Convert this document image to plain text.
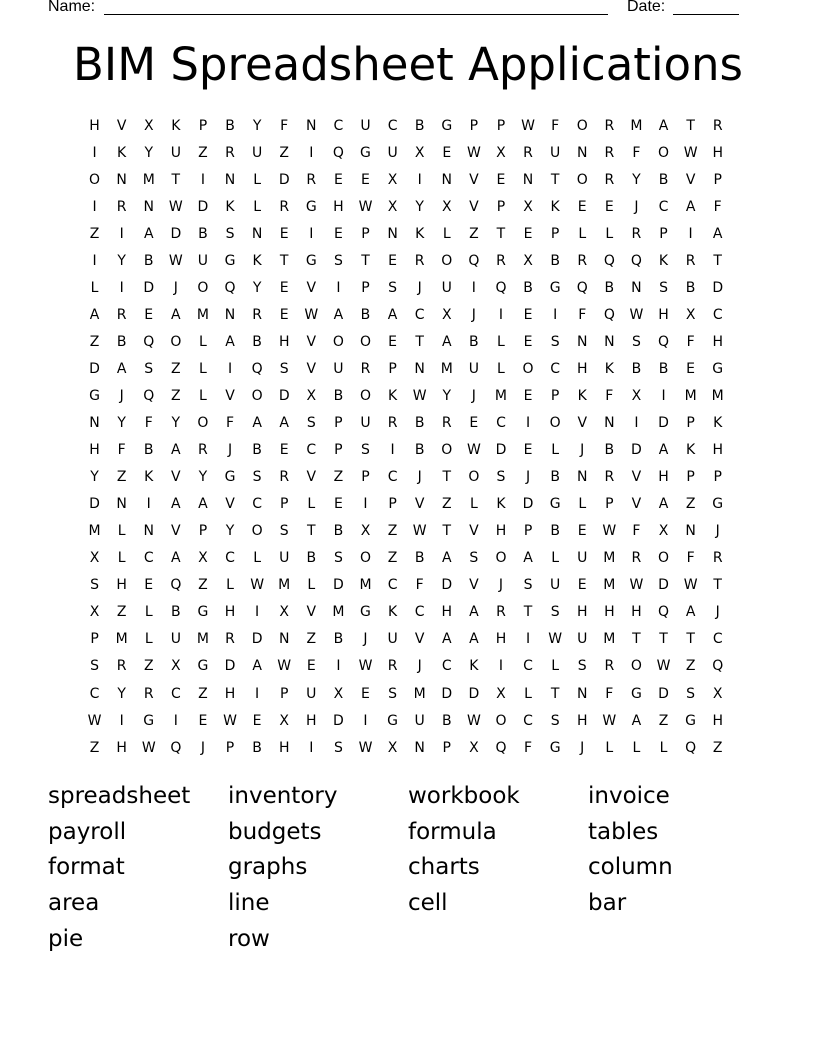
Name:	Date:
BIM Spreadsheet Applications
H	V	X	K	P	B	Y	F	N	C	U	C	B	G	P	P	W	F	O	R	M	A	T	R
I	K	Y	U	Z	R	U	Z	I	Q	G	U	X	E	W	X	R	U	N	R	F	O	W	H
O	N	M	T	I	N	L	D	R	E	E	X	I	N	V	E	N	T	O	R	Y	B	V	P
I	R	N	W	D	K	L	R	G	H	W	X	Y	X	V	P	X	K	E	E	J	C	A	F
Z	I	A	D	B	S	N	E	I	E	P	N	K	L	Z	T	E	P	L	L	R	P	I	A
I	Y	B	W	U	G	K	T	G	S	T	E	R	O	Q	R	X	B	R	Q	Q	K	R	T
L	I	D	J	O	Q	Y	E	V	I	P	S	J	U	I	Q	B	G	Q	B	N	S	B	D
A	R	E	A	M	N	R	E	W	A	B	A	C	X	J	I	E	I	F	Q	W	H	X	C
Z	B	Q	O	L	A	B	H	V	O	O	E	T	A	B	L	E	S	N	N	S	Q	F	H
D	A	S	Z	L	I	Q	S	V	U	R	P	N	M	U	L	O	C	H	K	B	B	E	G
G	J	Q	Z	L	V	O	D	X	B	O	K	W	Y	J	M	E	P	K	F	X	I	M	M
N	Y	F	Y	O	F	A	A	S	P	U	R	B	R	E	C	I	O	V	N	I	D	P	K
H	F	B	A	R	J	B	E	C	P	S	I	B	O	W	D	E	L	J	B	D	A	K	H
Y	Z	K	V	Y	G	S	R	V	Z	P	C	J	T	O	S	J	B	N	R	V	H	P	P
D	N	I	A	A	V	C	P	L	E	I	P	V	Z	L	K	D	G	L	P	V	A	Z	G
M	L	N	V	P	Y	O	S	T	B	X	Z	W	T	V	H	P	B	E	W	F	X	N	J
X	L	C	A	X	C	L	U	B	S	O	Z	B	A	S	O	A	L	U	M	R	O	F	R
S	H	E	Q	Z	L	W	M	L	D	M	C	F	D	V	J	S	U	E	M	W	D	W	T
X	Z	L	B	G	H	I	X	V	M	G	K	C	H	A	R	T	S	H	H	H	Q	A	J
P	M	L	U	M	R	D	N	Z	B	J	U	V	A	A	H	I	W	U	M	T	T	T	C
S	R	Z	X	G	D	A	W	E	I	W	R	J	C	K	I	C	L	S	R	O	W	Z	Q
C	Y	R	C	Z	H	I	P	U	X	E	S	M	D	D	X	L	T	N	F	G	D	S	X
W	I	G	I	E	W	E	X	H	D	I	G	U	B	W	O	C	S	H	W	A	Z	G	H
Z	H	W	Q	J	P	B	H	I	S	W	X	N	P	X	Q	F	G	J	L	L	L	Q	Z
spreadsheet	inventory	workbook	invoice
payroll	budgets	formula	tables
format	graphs	charts	column
area	line	cell	bar
pie	row
